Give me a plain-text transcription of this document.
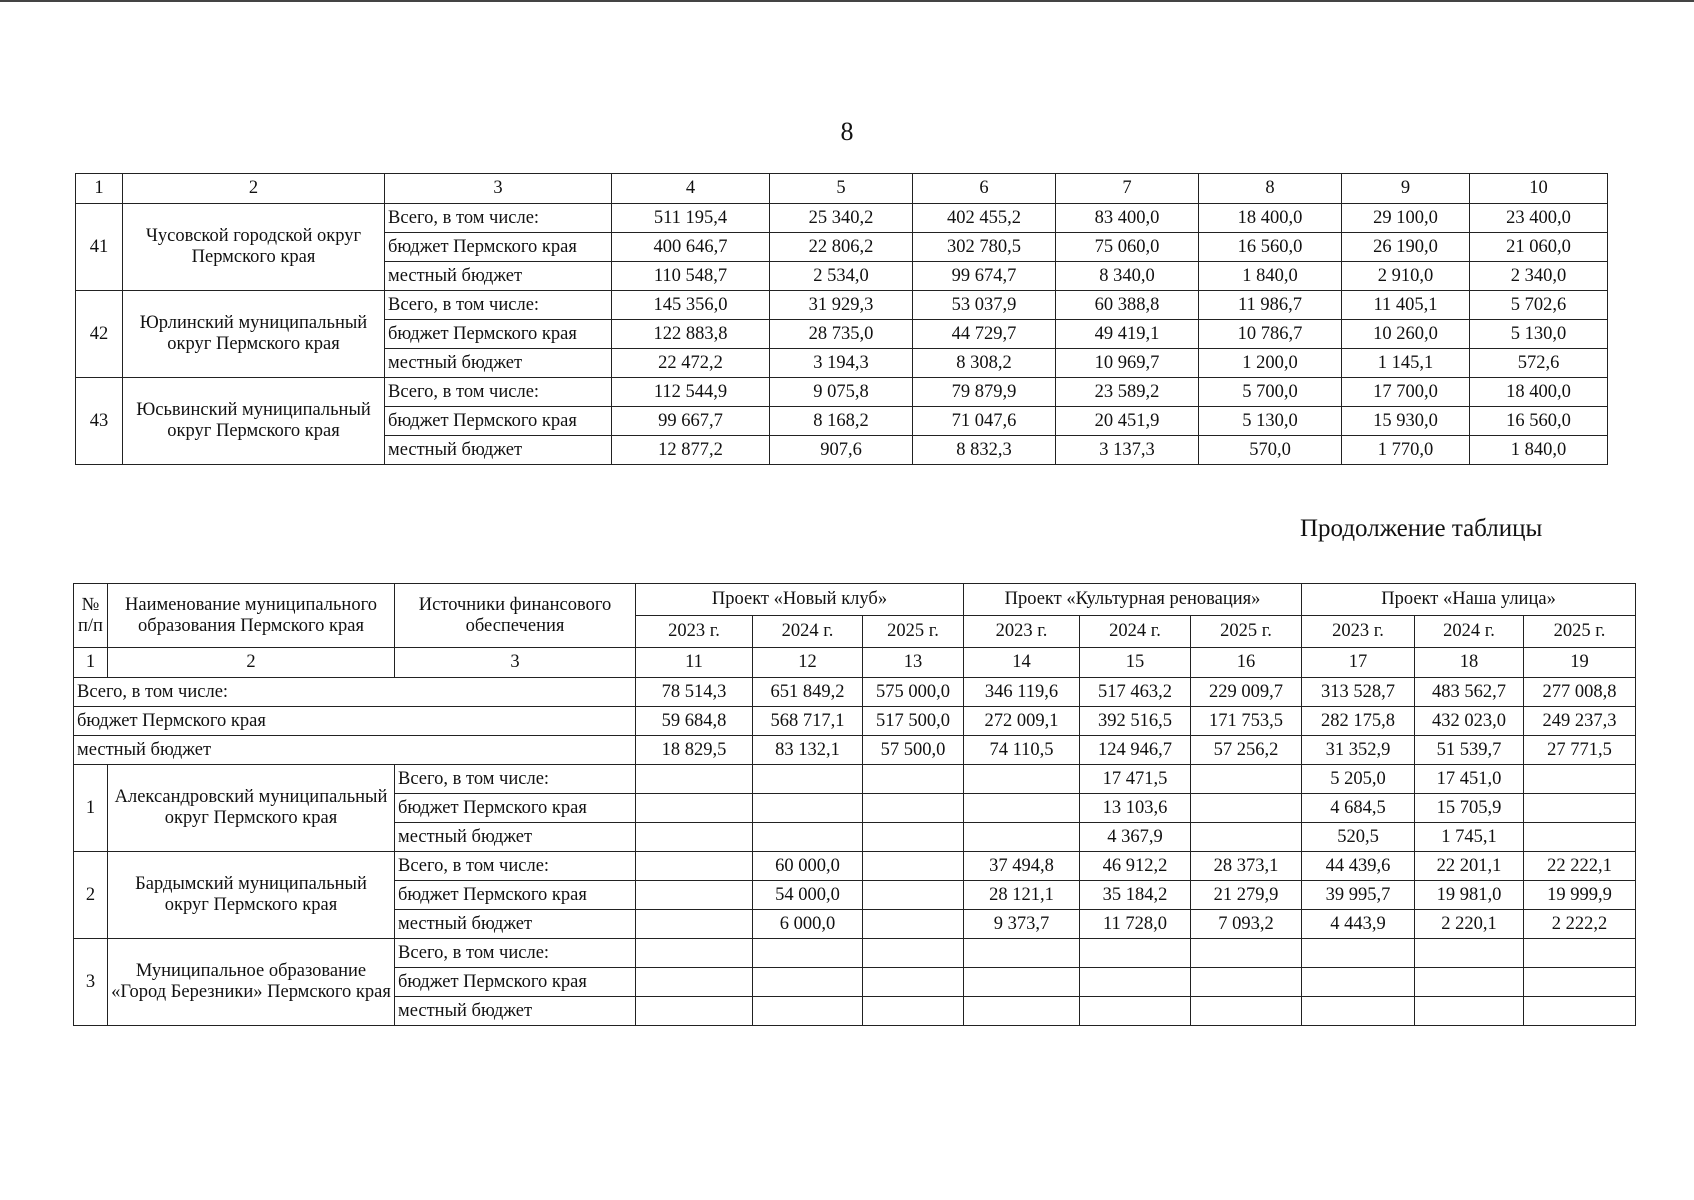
8
1	2	3	4	5	6	7	8	9	10
41	Чусовской городской округ Пермского края	Всего, в том числе:	511 195,4	25 340,2	402 455,2	83 400,0	18 400,0	29 100,0	23 400,0
		бюджет Пермского края	400 646,7	22 806,2	302 780,5	75 060,0	16 560,0	26 190,0	21 060,0
		местный бюджет	110 548,7	2 534,0	99 674,7	8 340,0	1 840,0	2 910,0	2 340,0
42	Юрлинский муниципальный округ Пермского края	Всего, в том числе:	145 356,0	31 929,3	53 037,9	60 388,8	11 986,7	11 405,1	5 702,6
		бюджет Пермского края	122 883,8	28 735,0	44 729,7	49 419,1	10 786,7	10 260,0	5 130,0
		местный бюджет	22 472,2	3 194,3	8 308,2	10 969,7	1 200,0	1 145,1	572,6
43	Юсьвинский муниципальный округ Пермского края	Всего, в том числе:	112 544,9	9 075,8	79 879,9	23 589,2	5 700,0	17 700,0	18 400,0
		бюджет Пермского края	99 667,7	8 168,2	71 047,6	20 451,9	5 130,0	15 930,0	16 560,0
		местный бюджет	12 877,2	907,6	8 832,3	3 137,3	570,0	1 770,0	1 840,0
Продолжение таблицы
№ п/п	Наименование муниципального образования Пермского края	Источники финансового обеспечения	Проект «Новый клуб»			Проект «Культурная реновация»			Проект «Наша улица»		
			2023 г.	2024 г.	2025 г.	2023 г.	2024 г.	2025 г.	2023 г.	2024 г.	2025 г.
1	2	3	11	12	13	14	15	16	17	18	19
Всего, в том числе:			78 514,3	651 849,2	575 000,0	346 119,6	517 463,2	229 009,7	313 528,7	483 562,7	277 008,8
бюджет Пермского края			59 684,8	568 717,1	517 500,0	272 009,1	392 516,5	171 753,5	282 175,8	432 023,0	249 237,3
местный бюджет			18 829,5	83 132,1	57 500,0	74 110,5	124 946,7	57 256,2	31 352,9	51 539,7	27 771,5
1	Александровский муниципальный округ Пермского края	Всего, в том числе:					17 471,5		5 205,0	17 451,0	
		бюджет Пермского края					13 103,6		4 684,5	15 705,9	
		местный бюджет					4 367,9		520,5	1 745,1	
2	Бардымский муниципальный округ Пермского края	Всего, в том числе:		60 000,0		37 494,8	46 912,2	28 373,1	44 439,6	22 201,1	22 222,1
		бюджет Пермского края		54 000,0		28 121,1	35 184,2	21 279,9	39 995,7	19 981,0	19 999,9
		местный бюджет		6 000,0		9 373,7	11 728,0	7 093,2	4 443,9	2 220,1	2 222,2
3	Муниципальное образование «Город Березники» Пермского края	Всего, в том числе:									
		бюджет Пермского края									
		местный бюджет									
